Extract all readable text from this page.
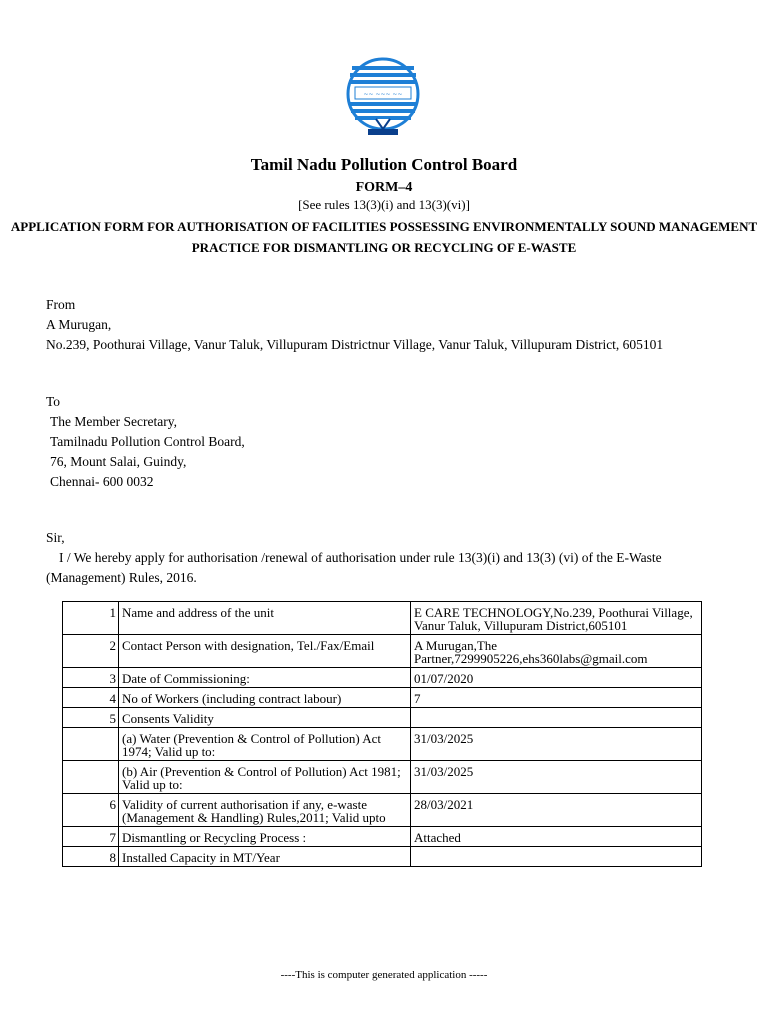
~~ ~~~ ~~
Tamil Nadu Pollution Control Board
FORM–4
[See rules 13(3)(i) and 13(3)(vi)]
APPLICATION FORM FOR AUTHORISATION OF FACILITIES POSSESSING ENVIRONMENTALLY SOUND MANAGEMENT PRACTICE FOR DISMANTLING OR RECYCLING OF E-WASTE
From
A Murugan,
No.239, Poothurai Village, Vanur Taluk, Villupuram Districtnur Village, Vanur Taluk, Villupuram District, 605101
To
The Member Secretary,
Tamilnadu Pollution Control Board,
76, Mount Salai, Guindy,
Chennai- 600 0032
Sir,
I / We hereby apply for authorisation /renewal of authorisation under rule 13(3)(i) and 13(3) (vi) of the E-Waste (Management) Rules, 2016.
1	Name and address of the unit	E CARE TECHNOLOGY,No.239, Poothurai Village, Vanur Taluk, Villupuram District,605101
2	Contact Person with designation, Tel./Fax/Email	A Murugan,The Partner,7299905226,ehs360labs@gmail.com
3	Date of Commissioning:	01/07/2020
4	No of Workers (including contract labour)	7
5	Consents Validity	
	(a) Water (Prevention & Control of Pollution) Act 1974; Valid up to:	31/03/2025
	(b) Air (Prevention & Control of Pollution) Act 1981; Valid up to:	31/03/2025
6	Validity of current authorisation if any, e-waste (Management & Handling) Rules,2011; Valid upto	28/03/2021
7	Dismantling or Recycling Process :	Attached
8	Installed Capacity in MT/Year	
----This is computer generated application -----
